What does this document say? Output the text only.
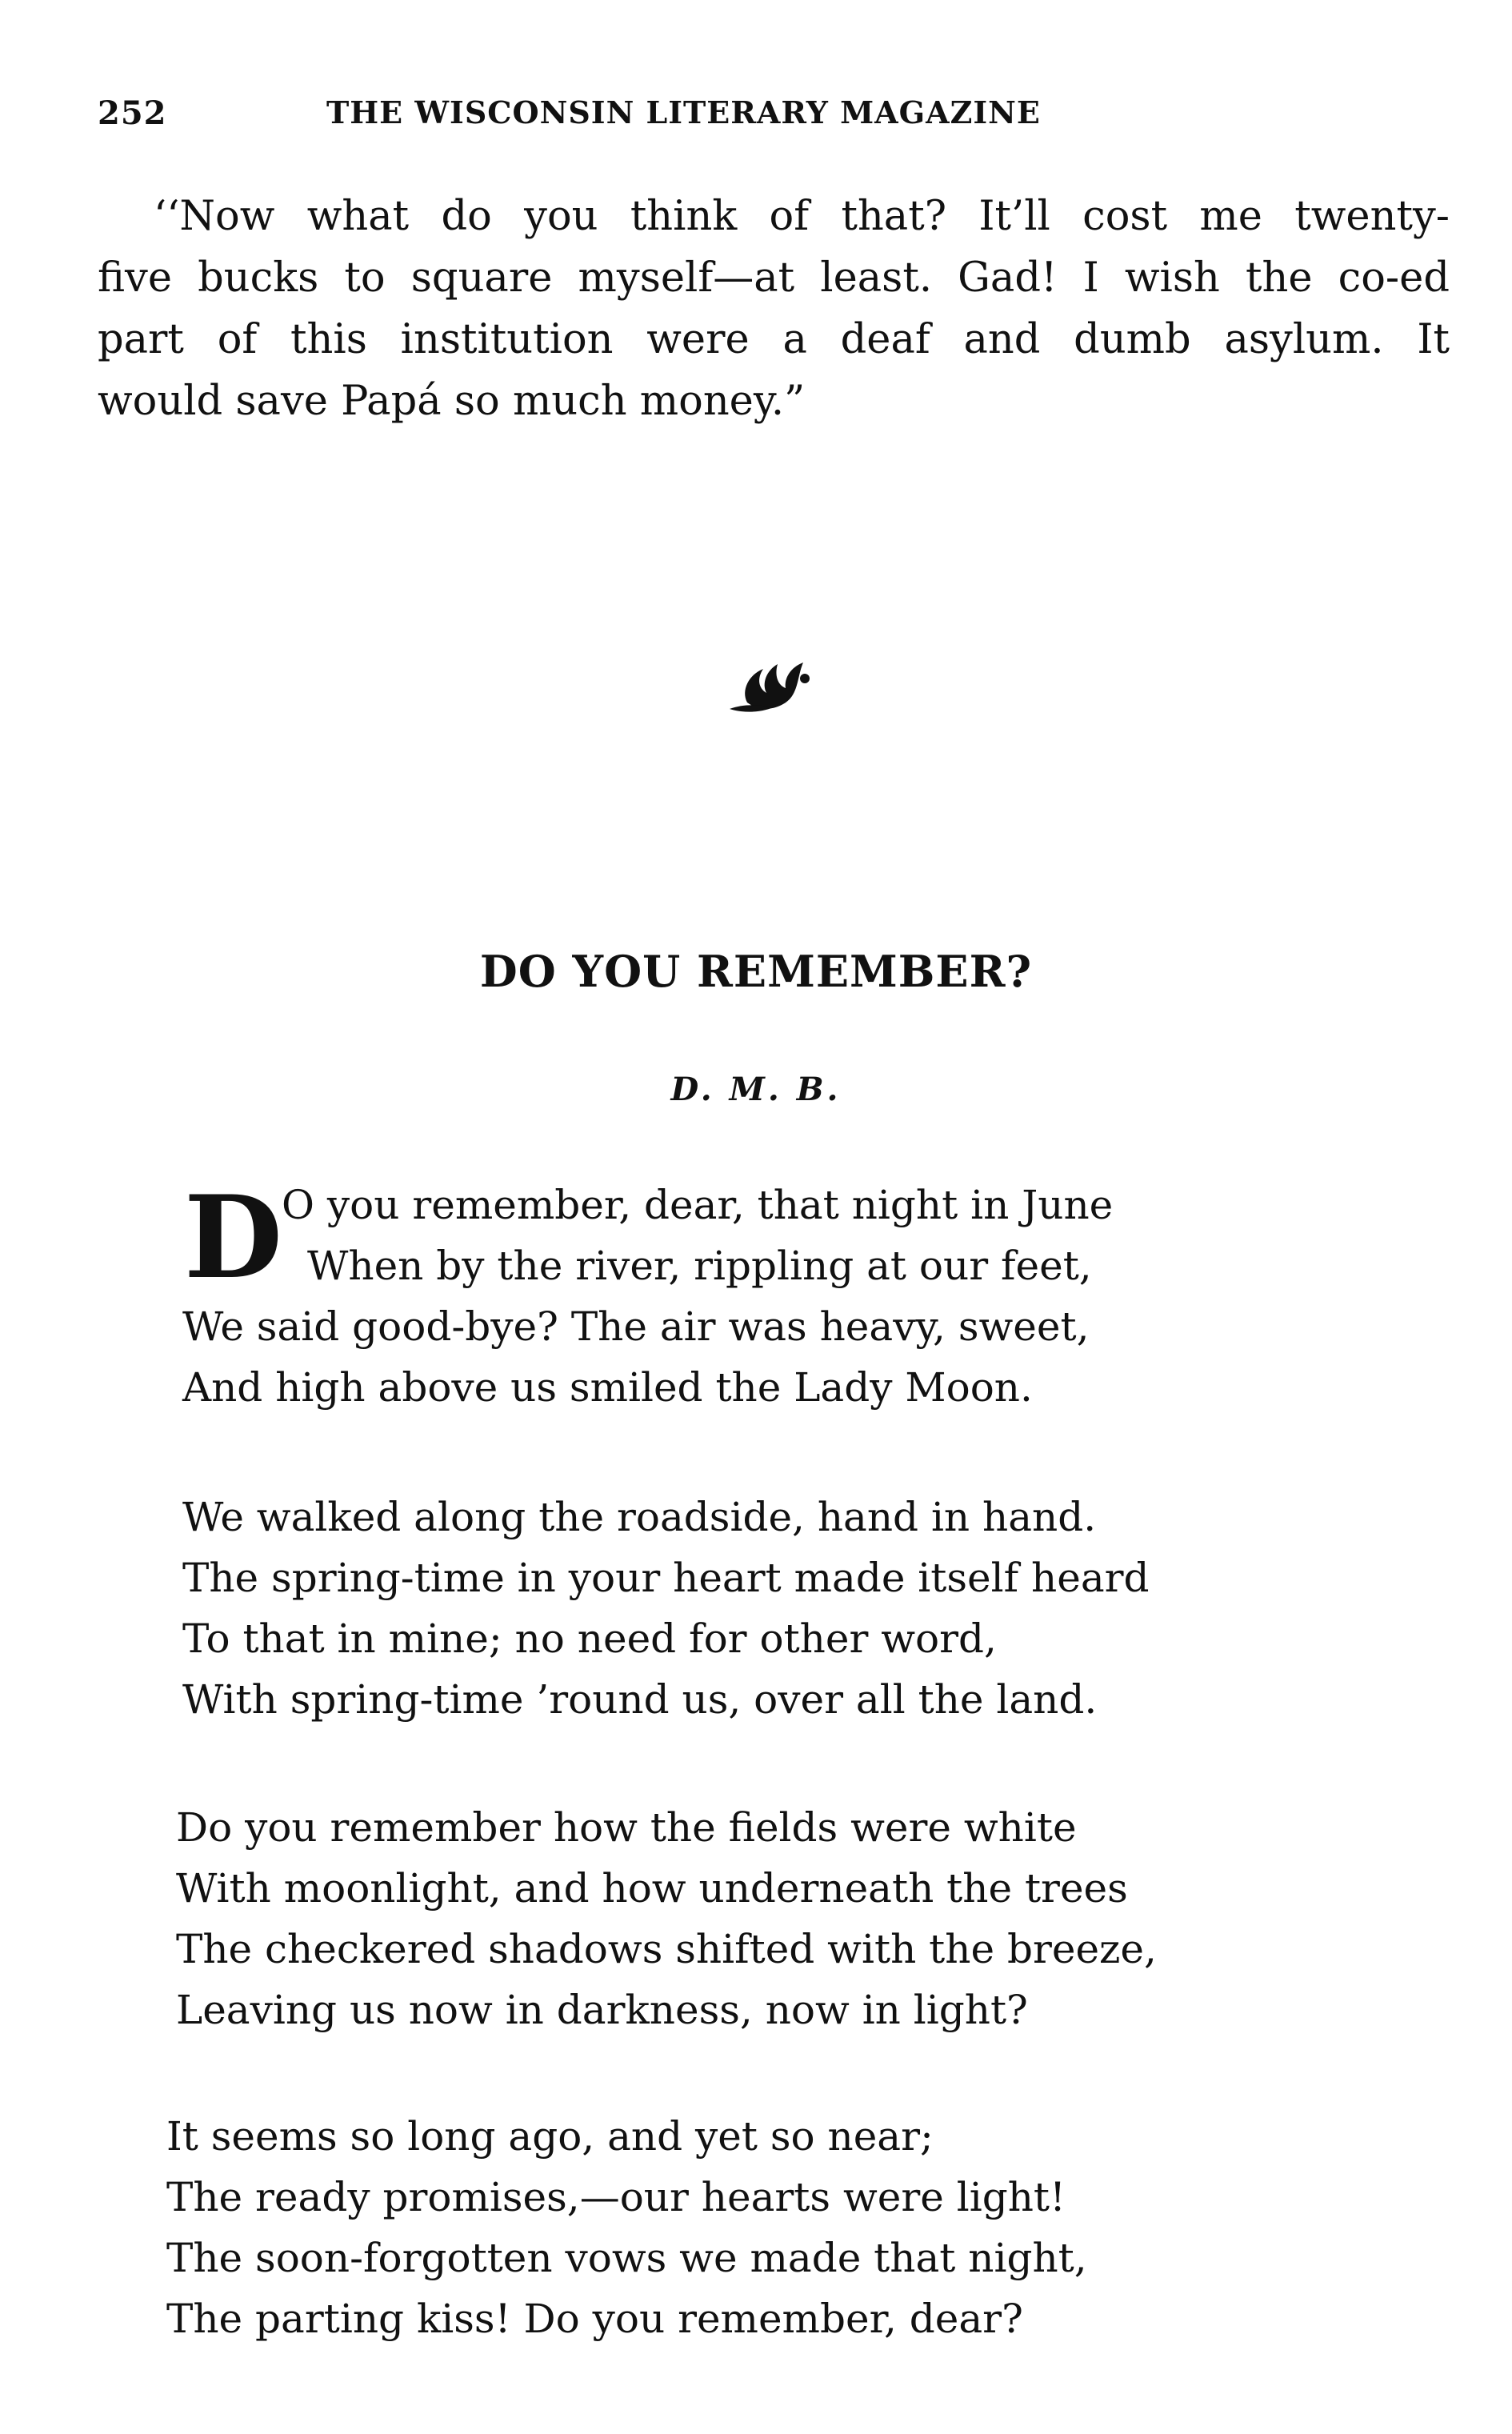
252	THE WISCONSIN LITERARY MAGAZINE
‘‘Now what do you think of that? It’ll cost me twenty-
five bucks to square myself—at least. Gad! I wish the co-ed
part of this institution were a deaf and dumb asylum. It
would save Papá so much money.”
DO YOU REMEMBER?
D. M. B.
D
O you remember, dear, that night in June
When by the river, rippling at our feet,
We said good-bye? The air was heavy, sweet,
And high above us smiled the Lady Moon.
We walked along the roadside, hand in hand.
The spring-time in your heart made itself heard
To that in mine; no need for other word,
With spring-time ’round us, over all the land.
Do you remember how the fields were white
With moonlight, and how underneath the trees
The checkered shadows shifted with the breeze,
Leaving us now in darkness, now in light?
It seems so long ago, and yet so near;
The ready promises,—our hearts were light!
The soon-forgotten vows we made that night,
The parting kiss! Do you remember, dear?
